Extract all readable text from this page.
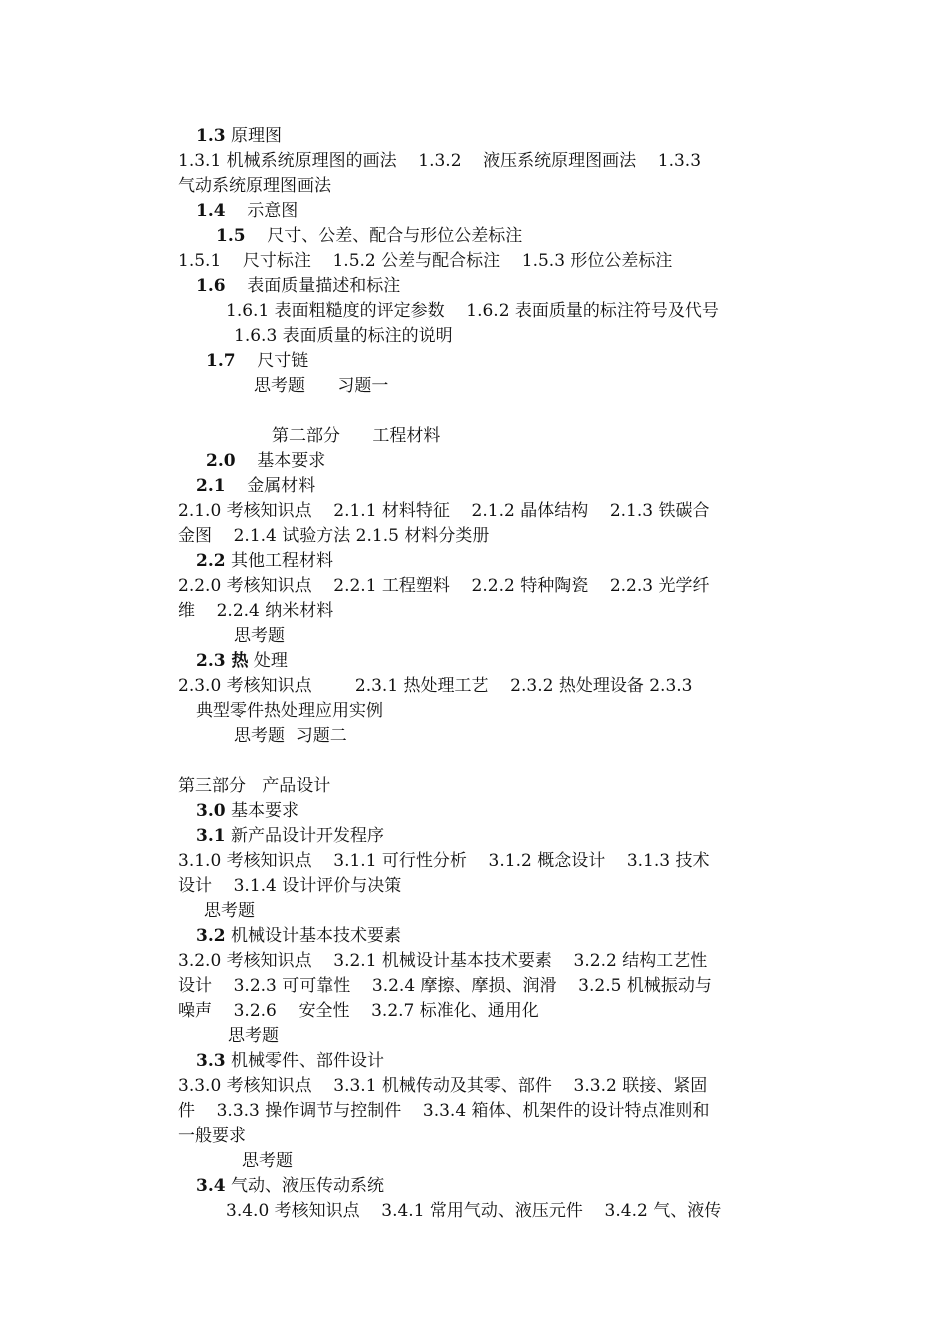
1.3 原理图
1.3.1 机械系统原理图的画法    1.3.2    液压系统原理图画法    1.3.3
气动系统原理图画法
1.4    示意图
1.5    尺寸、公差、配合与形位公差标注
1.5.1    尺寸标注    1.5.2 公差与配合标注    1.5.3 形位公差标注
1.6    表面质量描述和标注
1.6.1 表面粗糙度的评定参数    1.6.2 表面质量的标注符号及代号
1.6.3 表面质量的标注的说明
1.7    尺寸链
思考题      习题一
第二部分      工程材料
2.0    基本要求
2.1    金属材料
2.1.0 考核知识点    2.1.1 材料特征    2.1.2 晶体结构    2.1.3 铁碳合
金图    2.1.4 试验方法 2.1.5 材料分类册
2.2 其他工程材料
2.2.0 考核知识点    2.2.1 工程塑料    2.2.2 特种陶瓷    2.2.3 光学纤
维    2.2.4 纳米材料
思考题
2.3 热 处理
2.3.0 考核知识点        2.3.1 热处理工艺    2.3.2 热处理设备 2.3.3
典型零件热处理应用实例
思考题  习题二
第三部分   产品设计
3.0 基本要求
3.1 新产品设计开发程序
3.1.0 考核知识点    3.1.1 可行性分析    3.1.2 概念设计    3.1.3 技术
设计    3.1.4 设计评价与决策
思考题
3.2 机械设计基本技术要素
3.2.0 考核知识点    3.2.1 机械设计基本技术要素    3.2.2 结构工艺性
设计    3.2.3 可可靠性    3.2.4 摩擦、摩损、润滑    3.2.5 机械振动与
噪声    3.2.6    安全性    3.2.7 标准化、通用化
思考题
3.3 机械零件、部件设计
3.3.0 考核知识点    3.3.1 机械传动及其零、部件    3.3.2 联接、紧固
件    3.3.3 操作调节与控制件    3.3.4 箱体、机架件的设计特点准则和
一般要求
思考题
3.4 气动、液压传动系统
3.4.0 考核知识点    3.4.1 常用气动、液压元件    3.4.2 气、液传
